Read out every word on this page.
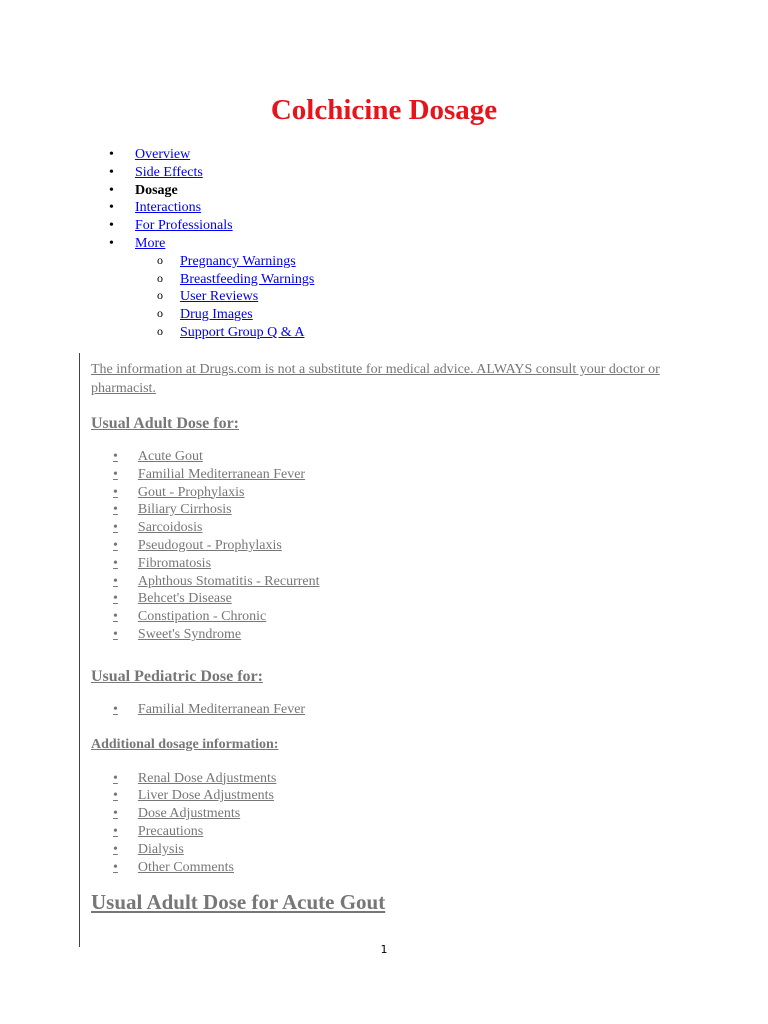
Colchicine Dosage
• Overview
• Side Effects
• Dosage
• Interactions
• For Professionals
• More
o Pregnancy Warnings
o Breastfeeding Warnings
o User Reviews
o Drug Images
o Support Group Q & A

The information at Drugs.com is not a substitute for medical advice. ALWAYS consult your doctor or pharmacist.

Usual Adult Dose for:

• Acute Gout
• Familial Mediterranean Fever
• Gout - Prophylaxis
• Biliary Cirrhosis
• Sarcoidosis
• Pseudogout - Prophylaxis
• Fibromatosis
• Aphthous Stomatitis - Recurrent
• Behcet's Disease
• Constipation - Chronic
• Sweet's Syndrome

Usual Pediatric Dose for:

• Familial Mediterranean Fever

Additional dosage information:

• Renal Dose Adjustments
• Liver Dose Adjustments
• Dose Adjustments
• Precautions
• Dialysis
• Other Comments

Usual Adult Dose for Acute Gout

1
